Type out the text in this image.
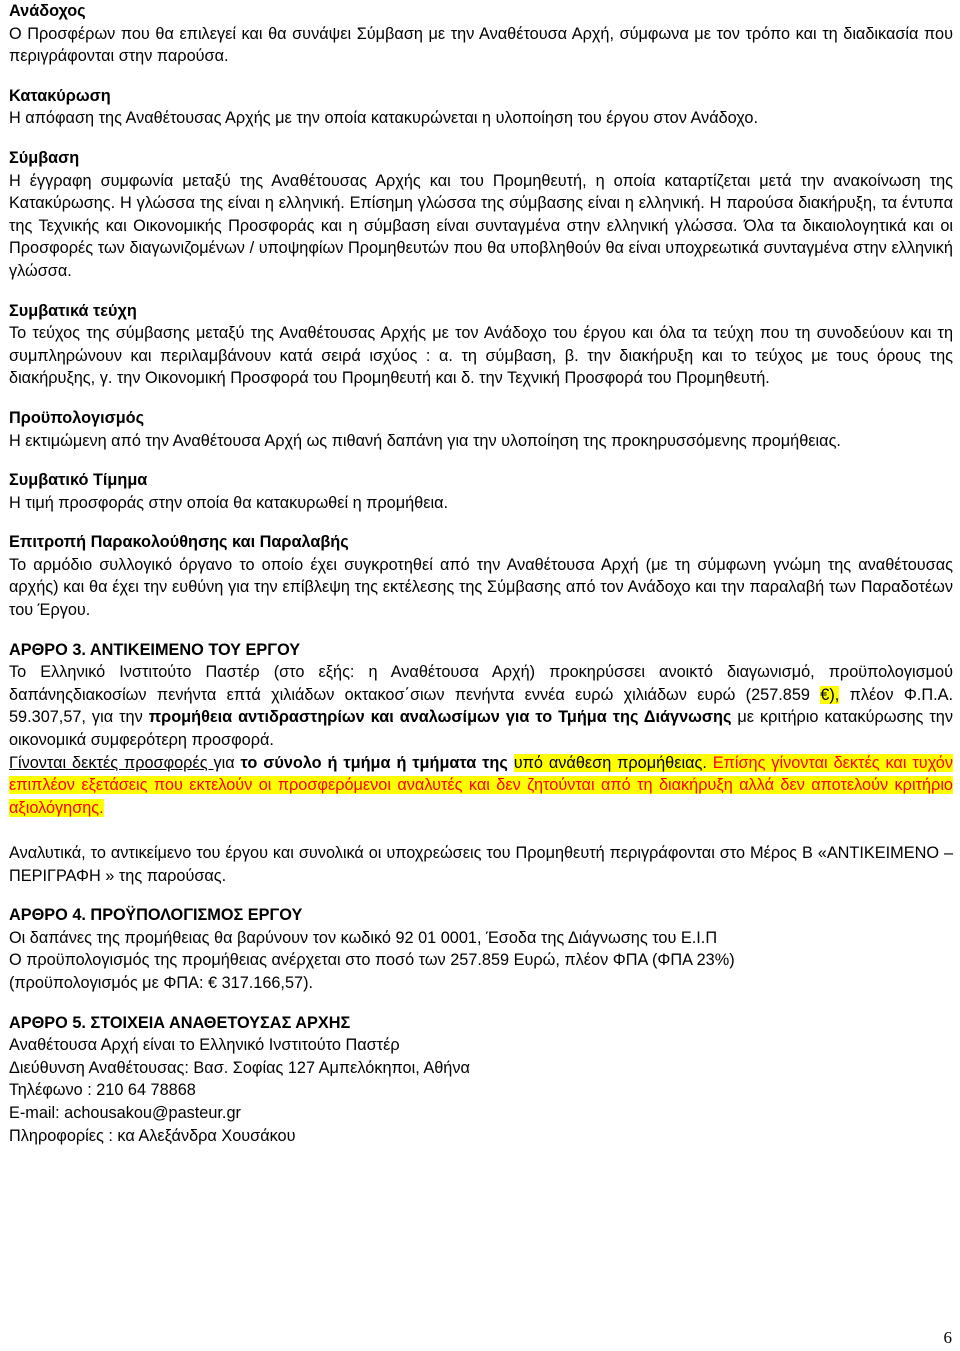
Ανάδοχος
Ο Προσφέρων που θα επιλεγεί και θα συνάψει Σύμβαση με την Αναθέτουσα Αρχή, σύμφωνα με τον τρόπο και τη διαδικασία που περιγράφονται στην παρούσα.
Κατακύρωση
Η απόφαση της Αναθέτουσας Αρχής με την οποία κατακυρώνεται η υλοποίηση του έργου στον Ανάδοχο.
Σύμβαση
Η έγγραφη συμφωνία μεταξύ της Αναθέτουσας Αρχής και του Προμηθευτή, η οποία καταρτίζεται μετά την ανακοίνωση της Κατακύρωσης. Η γλώσσα της είναι η ελληνική. Επίσημη γλώσσα της σύμβασης είναι η ελληνική. Η παρούσα διακήρυξη, τα έντυπα της Τεχνικής και Οικονομικής Προσφοράς και η σύμβαση είναι συνταγμένα στην ελληνική γλώσσα. Όλα τα δικαιολογητικά και οι Προσφορές των διαγωνιζομένων / υποψηφίων Προμηθευτών που θα υποβληθούν θα είναι υποχρεωτικά συνταγμένα στην ελληνική γλώσσα.
Συμβατικά τεύχη
Το τεύχος της σύμβασης μεταξύ της Αναθέτουσας Αρχής με τον Ανάδοχο του έργου και όλα τα τεύχη που τη συνοδεύουν και τη συμπληρώνουν και περιλαμβάνουν κατά σειρά ισχύος : α. τη σύμβαση, β. την διακήρυξη και το τεύχος με τους όρους της διακήρυξης, γ. την Οικονομική Προσφορά του Προμηθευτή και δ. την Τεχνική Προσφορά του Προμηθευτή.
Προϋπολογισμός
Η εκτιμώμενη από την Αναθέτουσα Αρχή ως πιθανή δαπάνη για την υλοποίηση της προκηρυσσόμενης προμήθειας.
Συμβατικό Τίμημα
Η τιμή προσφοράς στην οποία θα κατακυρωθεί η προμήθεια.
Επιτροπή Παρακολούθησης και Παραλαβής
Το αρμόδιο συλλογικό όργανο το οποίο έχει συγκροτηθεί από την Αναθέτουσα Αρχή (με τη σύμφωνη γνώμη της αναθέτουσας αρχής) και θα έχει την ευθύνη για την επίβλεψη της εκτέλεσης της Σύμβασης από τον Ανάδοχο και την παραλαβή των Παραδοτέων του Έργου.
ΑΡΘΡΟ 3. ΑΝΤΙΚΕΙΜΕΝΟ ΤΟΥ ΕΡΓΟΥ
Το Ελληνικό Ινστιτούτο Παστέρ (στο εξής: η Αναθέτουσα Αρχή) προκηρύσσει ανοικτό διαγωνισμό, προϋπολογισμού δαπάνηςδιακοσίων πενήντα επτά χιλιάδων οκτακοσ΄σιων πενήντα εννέα ευρώ χιλιάδων ευρώ (257.859 €), πλέον Φ.Π.Α. 59.307,57, για την προμήθεια αντιδραστηρίων και αναλωσίμων για το Τμήμα της Διάγνωσης με κριτήριο κατακύρωσης την οικονομικά συμφερότερη προσφορά.
Γίνονται δεκτές προσφορές για το σύνολο ή τμήμα ή τμήματα της υπό ανάθεση προμήθειας. Επίσης γίνονται δεκτές και τυχόν επιπλέον εξετάσεις που εκτελούν οι προσφερόμενοι αναλυτές και δεν ζητούνται από τη διακήρυξη αλλά δεν αποτελούν κριτήριο αξιολόγησης.
Αναλυτικά, το αντικείμενο του έργου και συνολικά οι υποχρεώσεις του Προμηθευτή περιγράφονται στο Μέρος Β «ΑΝΤΙΚΕΙΜΕΝΟ – ΠΕΡΙΓΡΑΦΗ » της παρούσας.
ΑΡΘΡΟ 4. ΠΡΟΫΠΟΛΟΓΙΣΜΟΣ ΕΡΓΟΥ
Οι δαπάνες της προμήθειας θα βαρύνουν τον κωδικό 92 01 0001, Έσοδα της Διάγνωσης του Ε.Ι.Π
Ο προϋπολογισμός της προμήθειας ανέρχεται στο ποσό των 257.859 Ευρώ, πλέον ΦΠΑ (ΦΠΑ 23%)
(προϋπολογισμός με ΦΠΑ: € 317.166,57).
ΑΡΘΡΟ 5. ΣΤΟΙΧΕΙΑ ΑΝΑΘΕΤΟΥΣΑΣ ΑΡΧΗΣ
Αναθέτουσα Αρχή είναι το Ελληνικό Ινστιτούτο Παστέρ
Διεύθυνση Αναθέτουσας: Βασ. Σοφίας 127 Αμπελόκηποι, Αθήνα
Τηλέφωνο : 210 64 78868
E-mail: achousakou@pasteur.gr
Πληροφορίες : κα Αλεξάνδρα Χουσάκου
6
